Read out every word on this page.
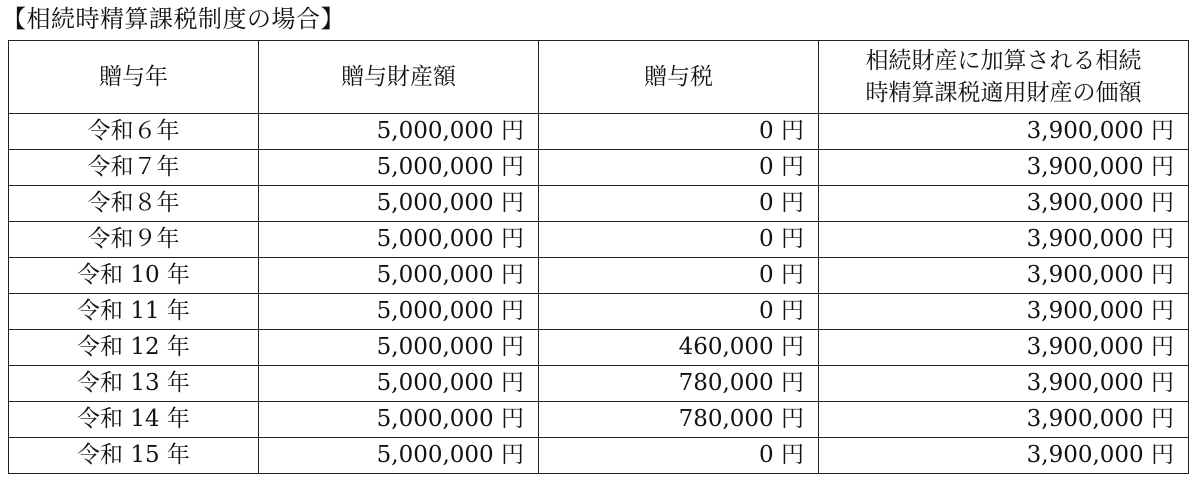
【相続時精算課税制度の場合】
贈与年	贈与財産額	贈与税	相続財産に加算される相続
時精算課税適用財産の価額

令和６年	5,000,000 円	0 円	3,900,000 円
令和７年	5,000,000 円	0 円	3,900,000 円
令和８年	5,000,000 円	0 円	3,900,000 円
令和９年	5,000,000 円	0 円	3,900,000 円
令和 10 年	5,000,000 円	0 円	3,900,000 円
令和 11 年	5,000,000 円	0 円	3,900,000 円
令和 12 年	5,000,000 円	460,000 円	3,900,000 円
令和 13 年	5,000,000 円	780,000 円	3,900,000 円
令和 14 年	5,000,000 円	780,000 円	3,900,000 円
令和 15 年	5,000,000 円	0 円	3,900,000 円
